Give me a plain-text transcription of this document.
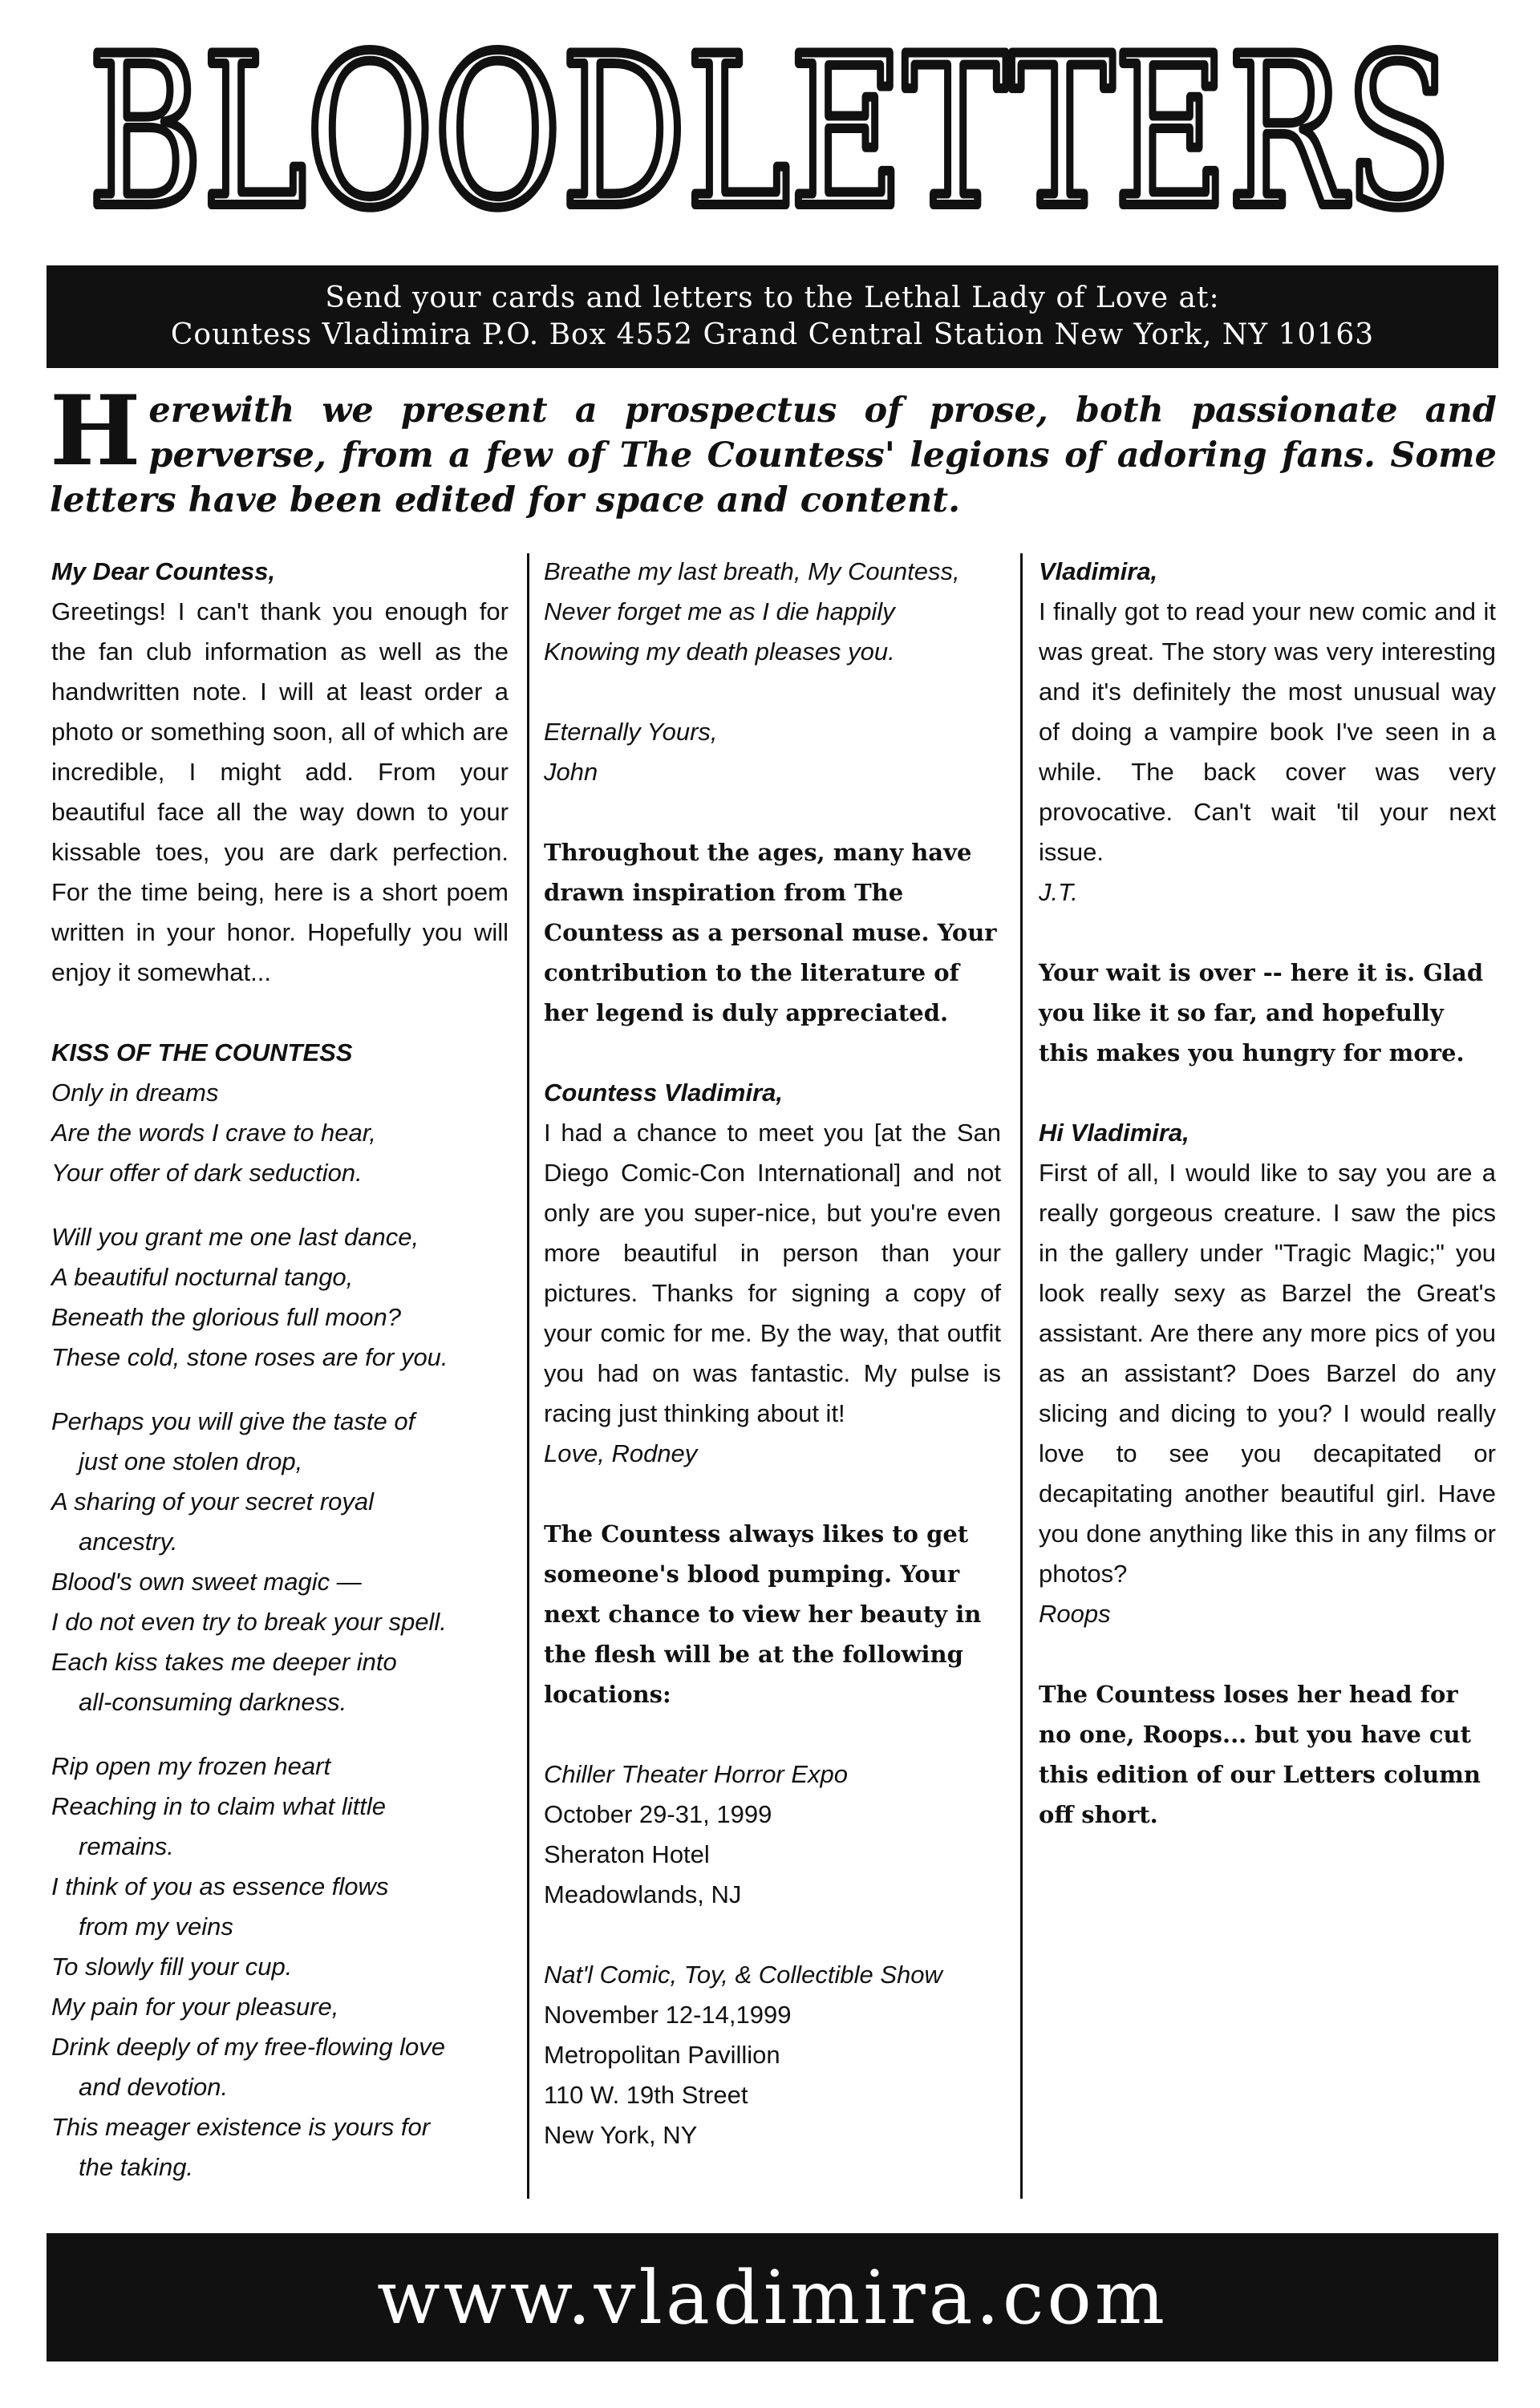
BLOODLETTERS
Send your cards and letters to the Lethal Lady of Love at:
Countess Vladimira P.O. Box 4552 Grand Central Station New York, NY 10163
Herewith we present a prospectus of prose, both passionate and perverse, from a few of The Countess' legions of adoring fans. Some letters have been edited for space and content.
My Dear Countess,
Greetings! I can't thank you enough for the fan club information as well as the handwritten note. I will at least order a photo or something soon, all of which are incredible, I might add. From your beautiful face all the way down to your kissable toes, you are dark perfection. For the time being, here is a short poem written in your honor. Hopefully you will enjoy it somewhat...
KISS OF THE COUNTESS
Only in dreams
Are the words I crave to hear,
Your offer of dark seduction.
Will you grant me one last dance,
A beautiful nocturnal tango,
Beneath the glorious full moon?
These cold, stone roses are for you.
Perhaps you will give the taste of
just one stolen drop,
A sharing of your secret royal
ancestry.
Blood's own sweet magic —
I do not even try to break your spell.
Each kiss takes me deeper into
all-consuming darkness.
Rip open my frozen heart
Reaching in to claim what little
remains.
I think of you as essence flows
from my veins
To slowly fill your cup.
My pain for your pleasure,
Drink deeply of my free-flowing love
and devotion.
This meager existence is yours for
the taking.
Breathe my last breath, My Countess,
Never forget me as I die happily
Knowing my death pleases you.
Eternally Yours,
John
Throughout the ages, many have drawn inspiration from The Countess as a personal muse. Your contribution to the literature of her legend is duly appreciated.
Countess Vladimira,
I had a chance to meet you [at the San Diego Comic-Con International] and not only are you super-nice, but you're even more beautiful in person than your pictures. Thanks for signing a copy of your comic for me. By the way, that outfit you had on was fantastic. My pulse is racing just thinking about it!
Love, Rodney
The Countess always likes to get someone's blood pumping. Your next chance to view her beauty in the flesh will be at the following locations:
Chiller Theater Horror Expo
October 29-31, 1999
Sheraton Hotel
Meadowlands, NJ
Nat'l Comic, Toy, & Collectible Show
November 12-14,1999
Metropolitan Pavillion
110 W. 19th Street
New York, NY
Vladimira,
I finally got to read your new comic and it was great. The story was very interesting and it's definitely the most unusual way of doing a vampire book I've seen in a while. The back cover was very provocative. Can't wait 'til your next issue.
J.T.
Your wait is over -- here it is. Glad you like it so far, and hopefully this makes you hungry for more.
Hi Vladimira,
First of all, I would like to say you are a really gorgeous creature. I saw the pics in the gallery under "Tragic Magic;" you look really sexy as Barzel the Great's assistant. Are there any more pics of you as an assistant? Does Barzel do any slicing and dicing to you? I would really love to see you decapitated or decapitating another beautiful girl. Have you done anything like this in any films or photos?
Roops
The Countess loses her head for no one, Roops... but you have cut this edition of our Letters column off short.
www.vladimira.com
